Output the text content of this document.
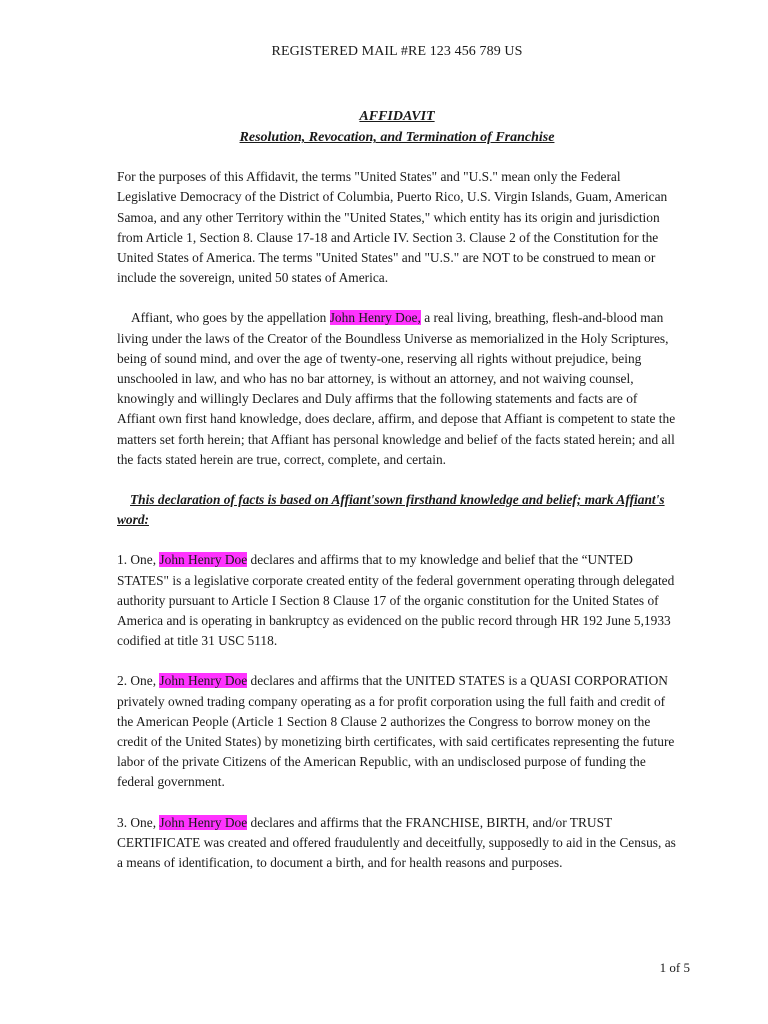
REGISTERED MAIL #RE 123 456 789 US
AFFIDAVIT
Resolution, Revocation, and Termination of Franchise

For the purposes of this Affidavit, the terms "United States" and "U.S." mean only the Federal Legislative Democracy of the District of Columbia, Puerto Rico, U.S. Virgin Islands, Guam, American Samoa, and any other Territory within the "United States," which entity has its origin and jurisdiction from Article 1, Section 8. Clause 17-18 and Article IV. Section 3. Clause 2 of the Constitution for the United States of America. The terms "United States" and "U.S." are NOT to be construed to mean or include the sovereign, united 50 states of America.

Affiant, who goes by the appellation John Henry Doe, a real living, breathing, flesh-and-blood man living under the laws of the Creator of the Boundless Universe as memorialized in the Holy Scriptures, being of sound mind, and over the age of twenty-one, reserving all rights without prejudice, being unschooled in law, and who has no bar attorney, is without an attorney, and not waiving counsel, knowingly and willingly Declares and Duly affirms that the following statements and facts are of Affiant own first hand knowledge, does declare, affirm, and depose that Affiant is competent to state the matters set forth herein; that Affiant has personal knowledge and belief of the facts stated herein; and all the facts stated herein are true, correct, complete, and certain.

This declaration of facts is based on Affiant'sown firsthand knowledge and belief; mark Affiant's word:

1. One, John Henry Doe declares and affirms that to my knowledge and belief that the “UNTED STATES" is a legislative corporate created entity of the federal government operating through delegated authority pursuant to Article I Section 8 Clause 17 of the organic constitution for the United States of America and is operating in bankruptcy as evidenced on the public record through HR 192 June 5,1933 codified at title 31 USC 5118.

2. One, John Henry Doe declares and affirms that the UNITED STATES is a QUASI CORPORATION privately owned trading company operating as a for profit corporation using the full faith and credit of the American People (Article 1 Section 8 Clause 2 authorizes the Congress to borrow money on the credit of the United States) by monetizing birth certificates, with said certificates representing the future labor of the private Citizens of the American Republic, with an undisclosed purpose of funding the federal government.

3. One, John Henry Doe declares and affirms that the FRANCHISE, BIRTH, and/or TRUST CERTIFICATE was created and offered fraudulently and deceitfully, supposedly to aid in the Census, as a means of identification, to document a birth, and for health reasons and purposes.

1 of 5
